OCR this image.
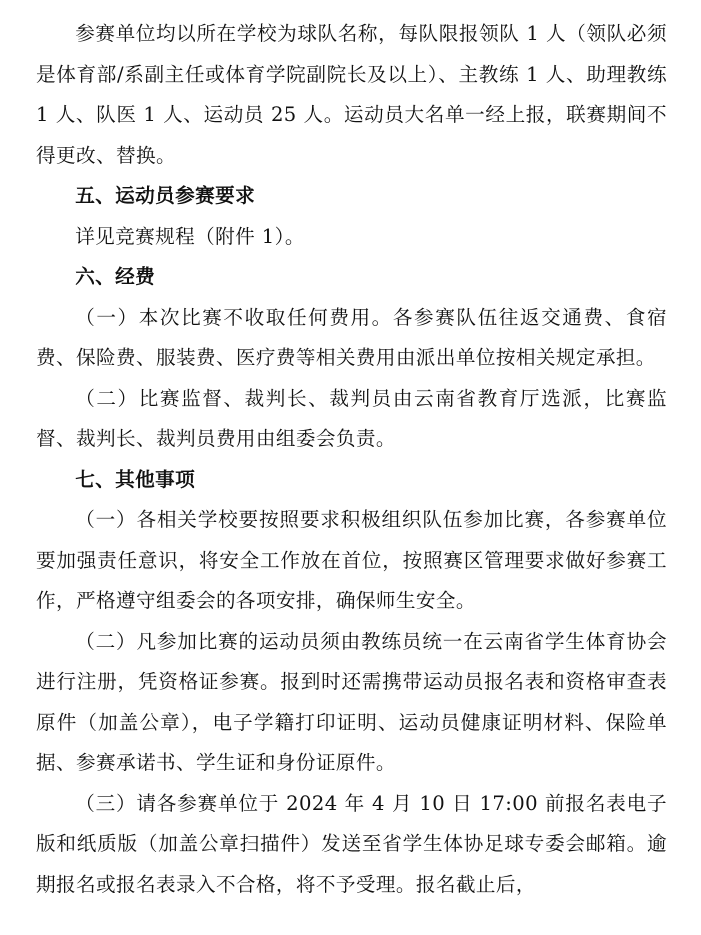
参赛单位均以所在学校为球队名称，每队限报领队 1 人（领队必须是体育部/系副主任或体育学院副院长及以上）、主教练 1 人、助理教练 1 人、队医 1 人、运动员 25 人。运动员大名单一经上报，联赛期间不得更改、替换。

五、运动员参赛要求

详见竞赛规程（附件 1）。

六、经费

（一）本次比赛不收取任何费用。各参赛队伍往返交通费、食宿费、保险费、服装费、医疗费等相关费用由派出单位按相关规定承担。

（二）比赛监督、裁判长、裁判员由云南省教育厅选派，比赛监督、裁判长、裁判员费用由组委会负责。

七、其他事项

（一）各相关学校要按照要求积极组织队伍参加比赛，各参赛单位要加强责任意识，将安全工作放在首位，按照赛区管理要求做好参赛工作，严格遵守组委会的各项安排，确保师生安全。

（二）凡参加比赛的运动员须由教练员统一在云南省学生体育协会进行注册，凭资格证参赛。报到时还需携带运动员报名表和资格审查表原件（加盖公章），电子学籍打印证明、运动员健康证明材料、保险单据、参赛承诺书、学生证和身份证原件。

（三）请各参赛单位于 2024 年 4 月 10 日 17:00 前报名表电子版和纸质版（加盖公章扫描件）发送至省学生体协足球专委会邮箱。逾期报名或报名表录入不合格，将不予受理。报名截止后，
